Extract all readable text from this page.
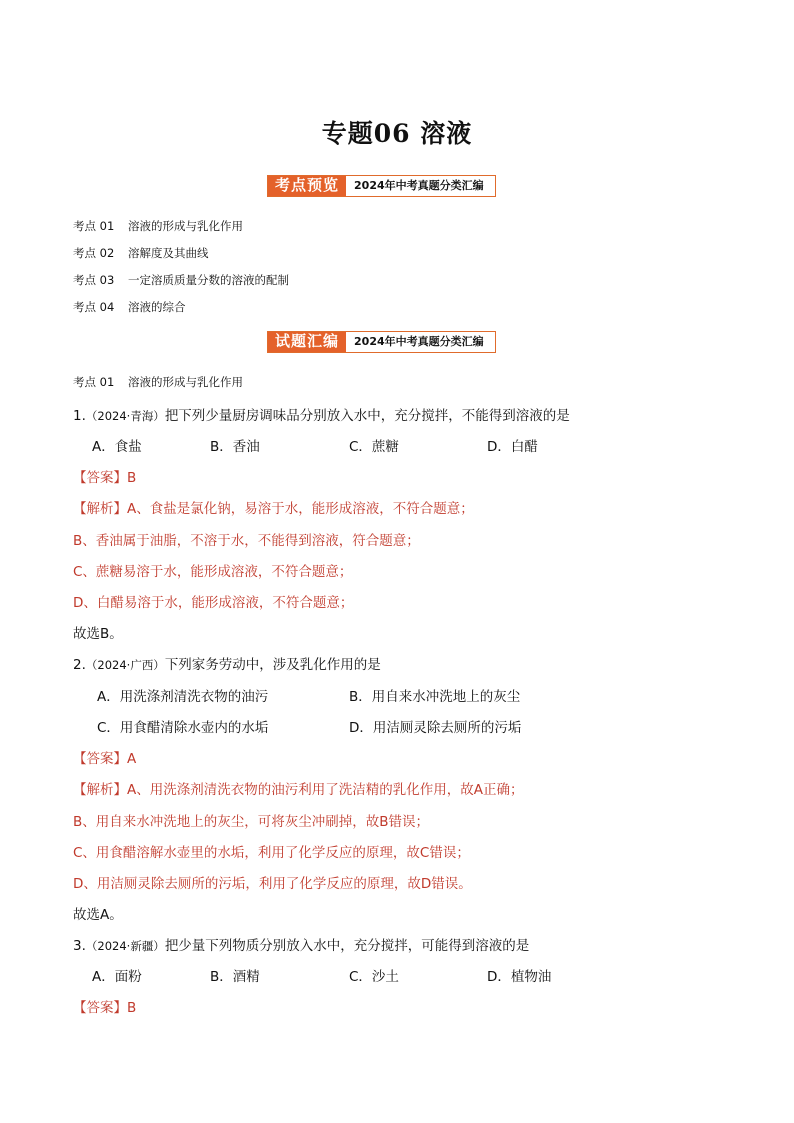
专题06 溶液
考点预览	2024年中考真题分类汇编
考点 01 溶液的形成与乳化作用
考点 02 溶解度及其曲线
考点 03 一定溶质质量分数的溶液的配制
考点 04 溶液的综合
试题汇编	2024年中考真题分类汇编
考点 01 溶液的形成与乳化作用
1.（2024·青海）把下列少量厨房调味品分别放入水中，充分搅拌，不能得到溶液的是
A．食盐	B．香油	C．蔗糖	D．白醋
【答案】B
【解析】A、食盐是氯化钠，易溶于水，能形成溶液，不符合题意；
B、香油属于油脂，不溶于水，不能得到溶液，符合题意；
C、蔗糖易溶于水，能形成溶液，不符合题意；
D、白醋易溶于水，能形成溶液，不符合题意；
故选B。
2.（2024·广西）下列家务劳动中，涉及乳化作用的是
A．用洗涤剂清洗衣物的油污	B．用自来水冲洗地上的灰尘
C．用食醋清除水壶内的水垢	D．用洁厕灵除去厕所的污垢
【答案】A
【解析】A、用洗涤剂清洗衣物的油污利用了洗洁精的乳化作用，故A正确；
B、用自来水冲洗地上的灰尘，可将灰尘冲刷掉，故B错误；
C、用食醋溶解水壶里的水垢，利用了化学反应的原理，故C错误；
D、用洁厕灵除去厕所的污垢，利用了化学反应的原理，故D错误。
故选A。
3.（2024·新疆）把少量下列物质分别放入水中，充分搅拌，可能得到溶液的是
A．面粉	B．酒精	C．沙土	D．植物油
【答案】B
